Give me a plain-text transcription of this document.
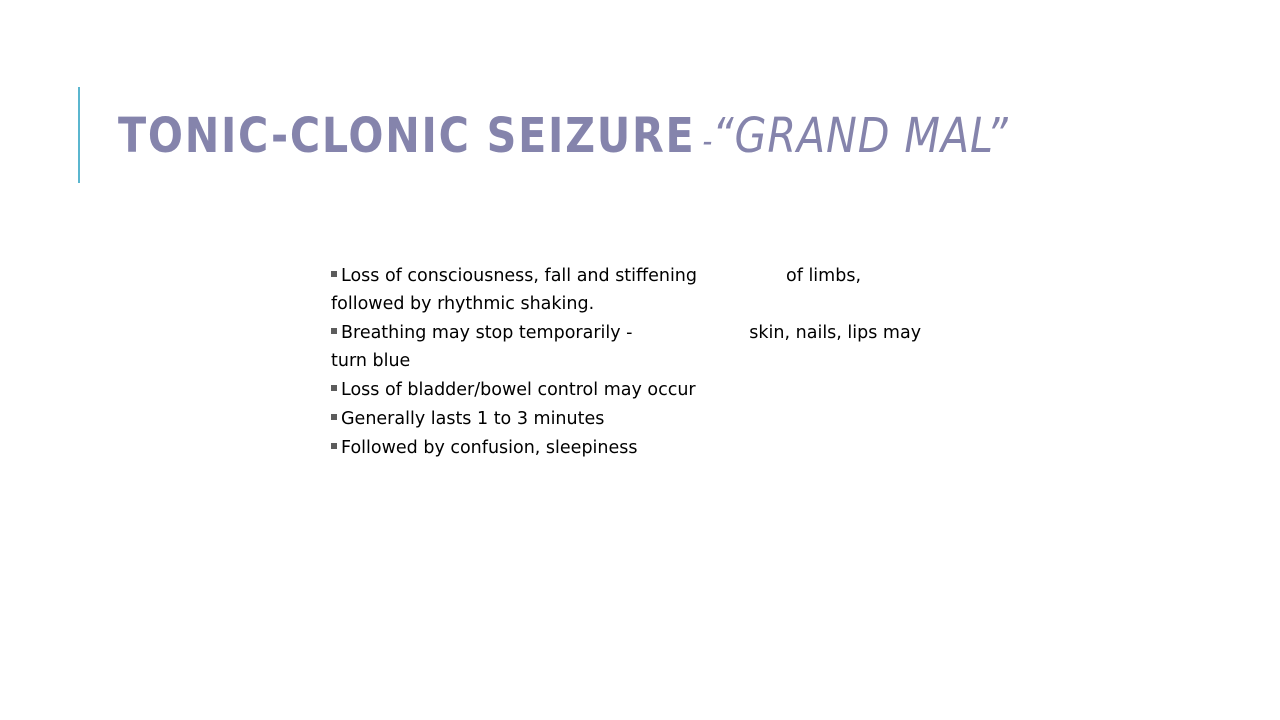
TONIC-CLONIC SEIZURE -“GRAND MAL”
Loss of consciousness, fall and stiffening                of limbs, followed by rhythmic shaking.
Breathing may stop temporarily -                     skin, nails, lips may turn blue
Loss of bladder/bowel control may occur
Generally lasts 1 to 3 minutes
Followed by confusion, sleepiness
